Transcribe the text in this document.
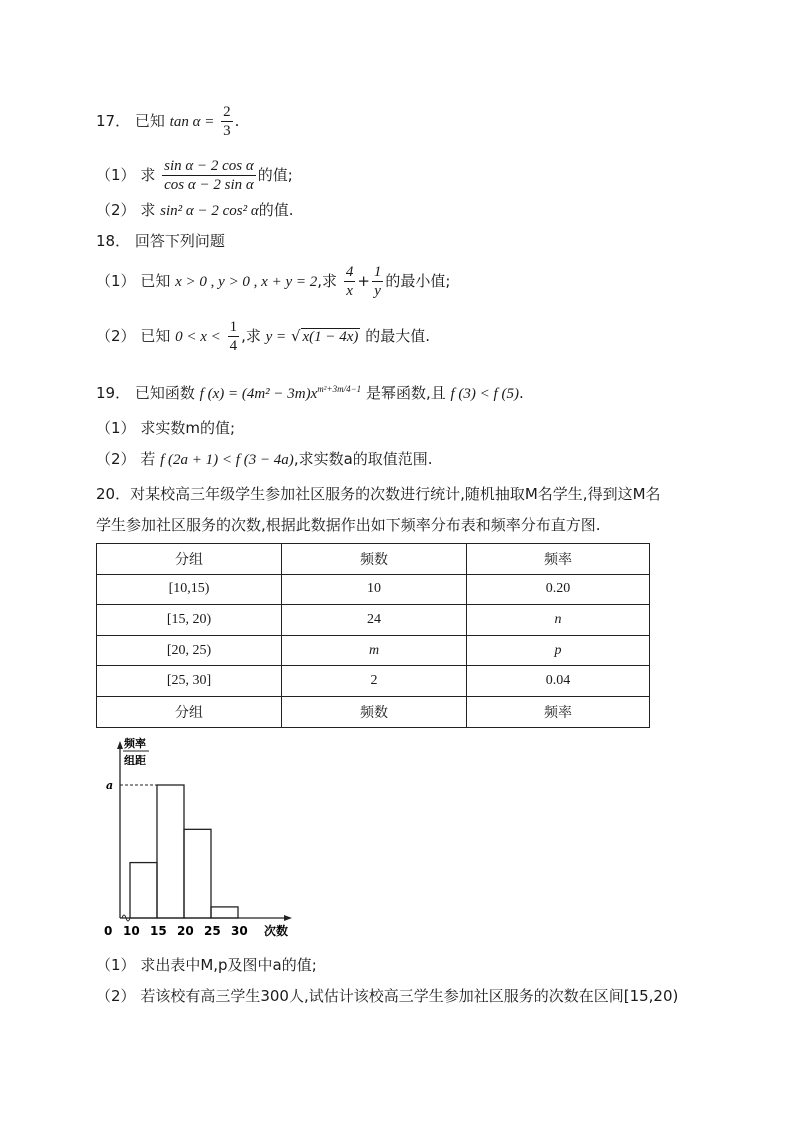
17． 已知 $\tan \alpha = \frac{2}{3}$ .
（1） 求 $\frac{\text{sin α − 2 cos α}}{\text{cos α − 2 sin α}}$ 的值;
（2） 求 sin² α − 2 cos² α的值.
18． 回答下列问题
（1） 已知 x > 0 , y > 0 , x + y = 2,求 $\frac{4}{x} + \frac{1}{y}$ 的最小值;
（2） 已知 $0 < x < \frac{1}{4}$ ,求 y = √ x(1 − 4x) 的最大值.
19． 已知函数 f $(x) = (4m^2 - 3m)x^{m^2+3m/4-1}$ 是幂函数,且 f (3) < f (5).
（1） 求实数m的值;
（2） 若 f (2a + 1) < f (3 − 4a),求实数a的取值范围.
20．对某校高三年级学生参加社区服务的次数进行统计,随机抽取M名学生,得到这M名
学生参加社区服务的次数,根据此数据作出如下频率分布表和频率分布直方图.
分组	频数	频率
[10,15)	10	0.20
[15, 20)	24	n
[20, 25)	m	p
[25, 30]	2	0.04
分组	频数	频率
频率
组距
a
0 10 15 20 25 30 次数
（1） 求出表中M,p及图中a的值;
（2） 若该校有高三学生300人,试估计该校高三学生参加社区服务的次数在区间[15,20)
